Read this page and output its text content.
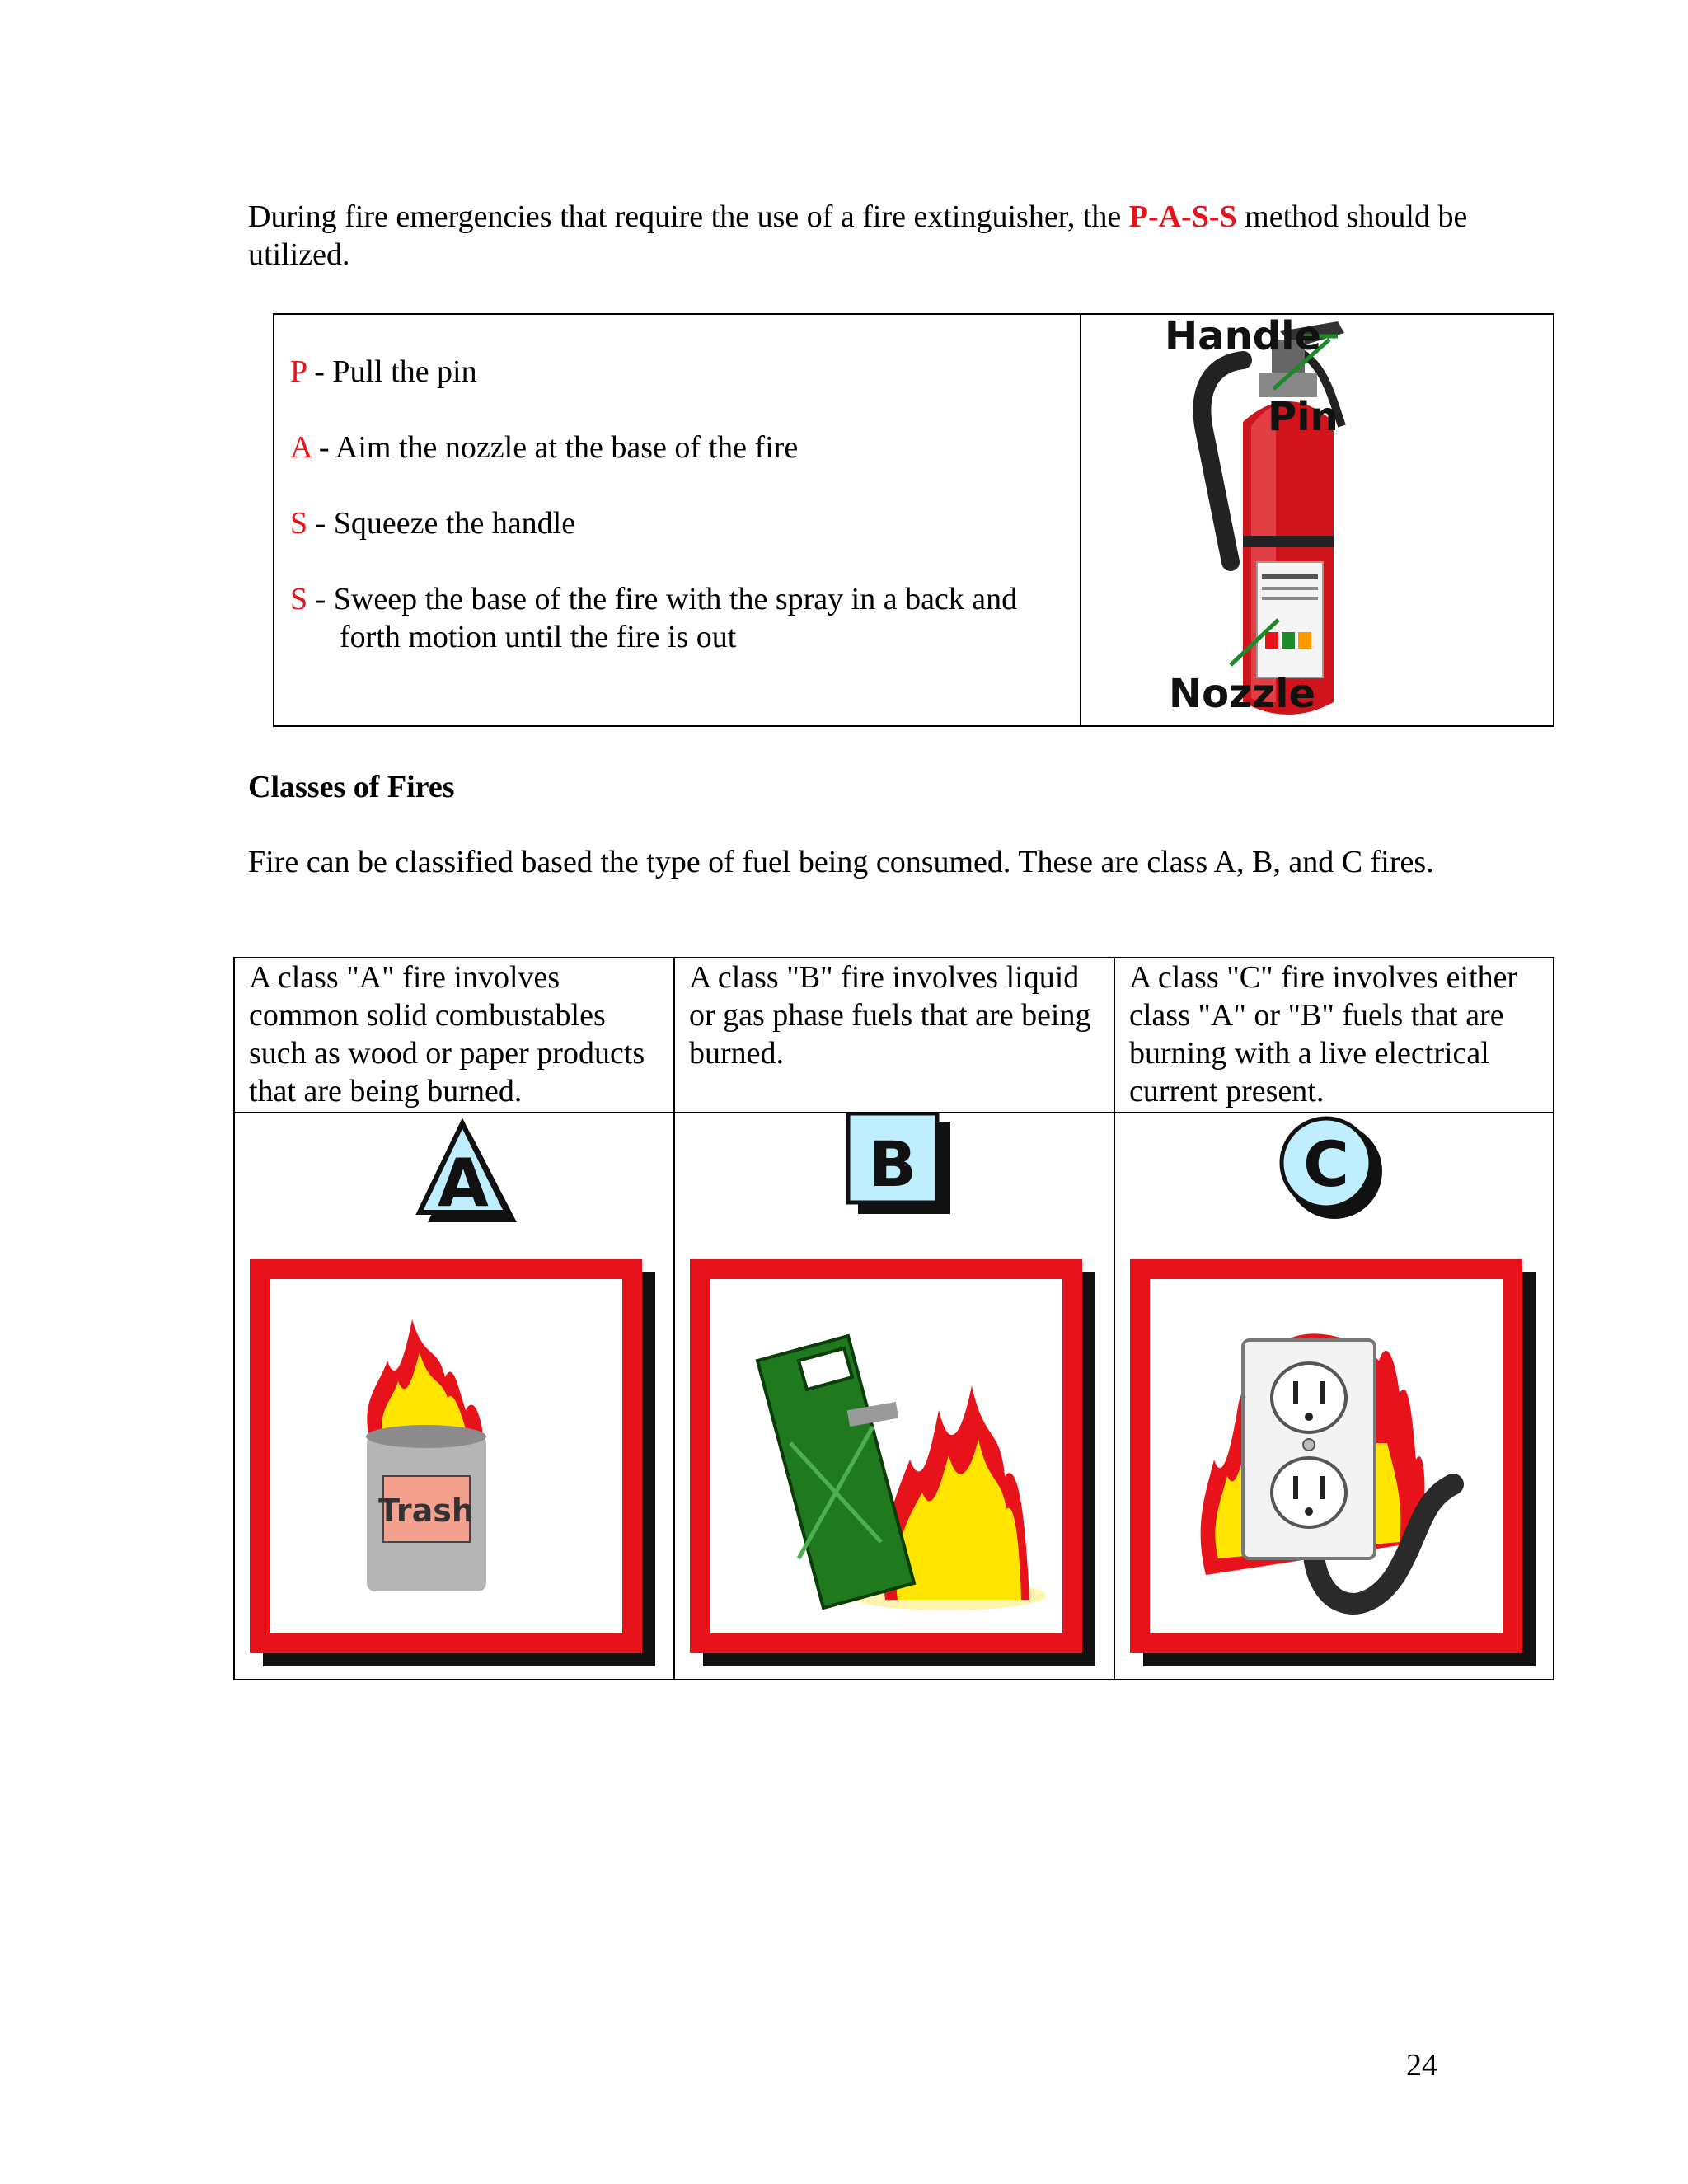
During fire emergencies that require the use of a fire extinguisher, the P-A-S-S method should be utilized.
P - Pull the pin
A - Aim the nozzle at the base of the fire
S - Squeeze the handle
S - Sweep the base of the fire with the spray in a back and
forth motion until the fire is out
Handle
Pin
Nozzle
Classes of Fires
Fire can be classified based the type of fuel being consumed. These are class A, B, and C fires.
A class "A" fire involves common solid combustables such as wood or paper products that are being burned.
A class "B" fire involves liquid or gas phase fuels that are being burned.
A class "C" fire involves either class "A" or "B" fuels that are burning with a live electrical current present.
A
Trash
B	C
24
